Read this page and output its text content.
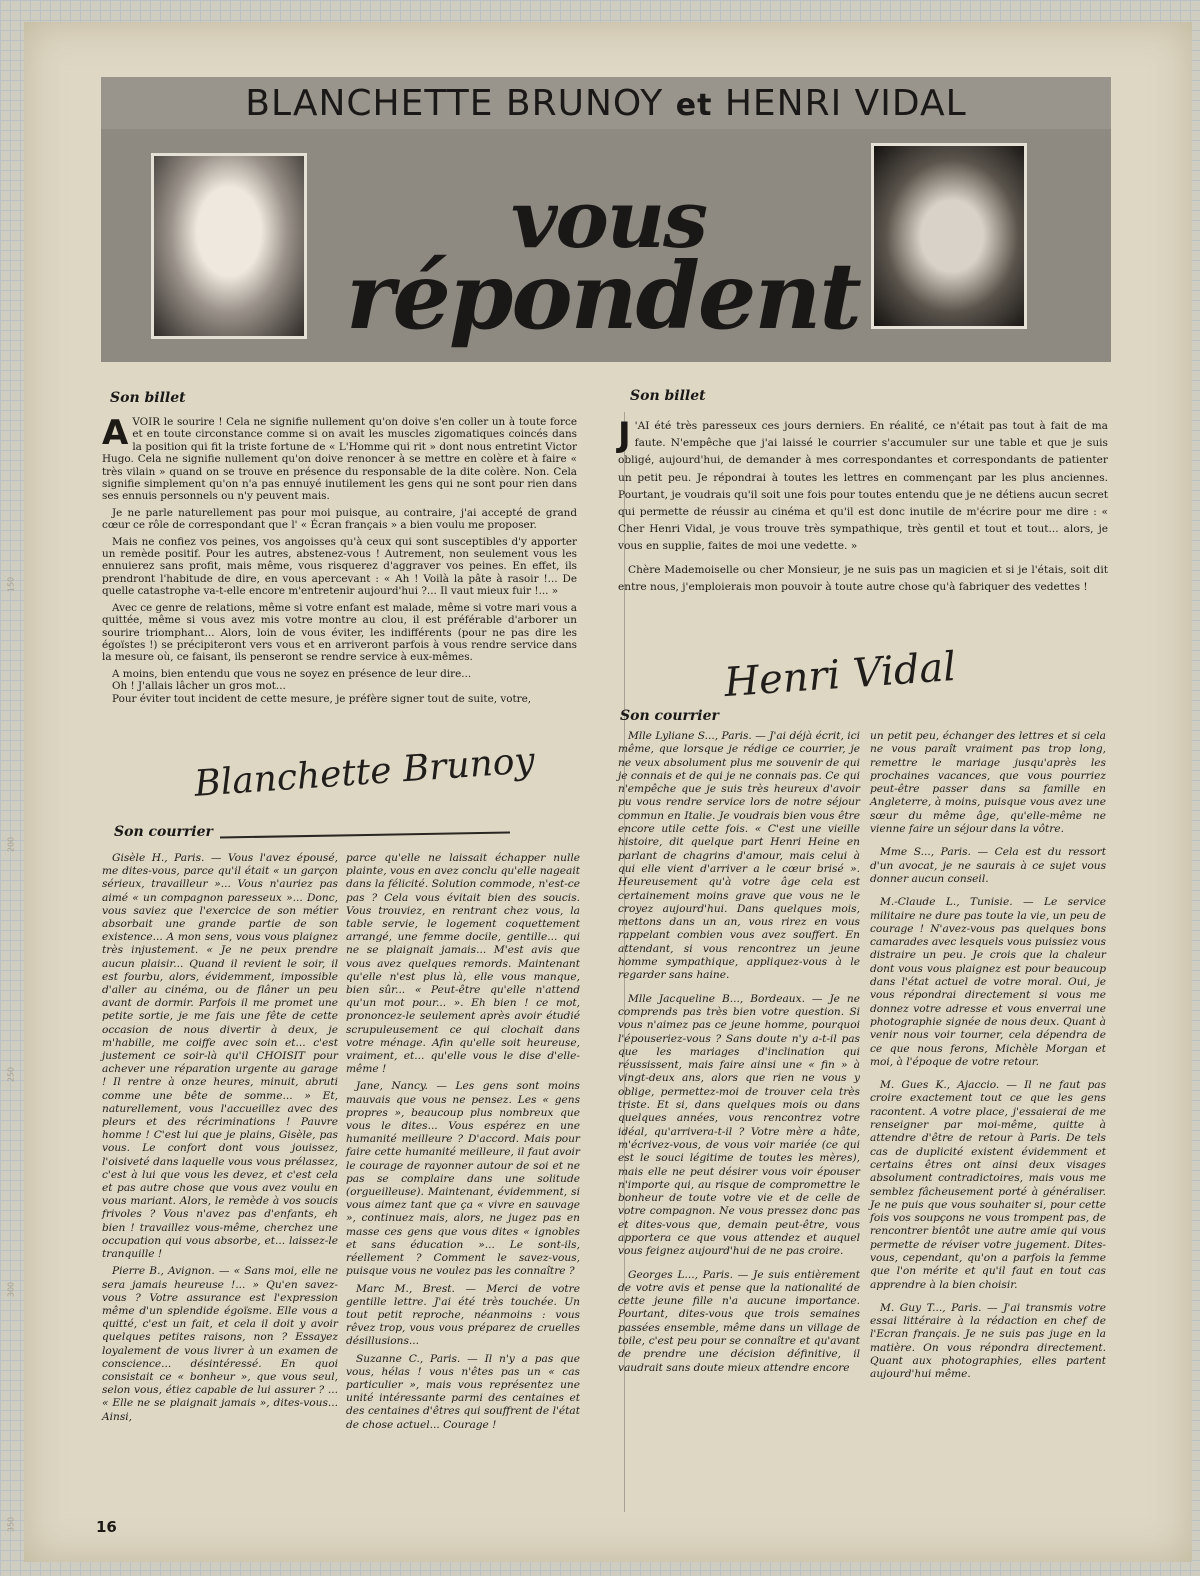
150
200
250
300
350
BLANCHETTE BRUNOY et HENRI VIDAL
vous
répondent
Son billet

AVOIR le sourire ! Cela ne signifie nullement qu'on doive s'en coller un à toute force et en toute circonstance comme si on avait les muscles zigomatiques coincés dans la position qui fit la triste fortune de « L'Homme qui rit » dont nous entretint Victor Hugo. Cela ne signifie nullement qu'on doive renoncer à se mettre en colère et à faire « très vilain » quand on se trouve en présence du responsable de la dite colère. Non. Cela signifie simplement qu'on n'a pas ennuyé inutilement les gens qui ne sont pour rien dans ses ennuis personnels ou n'y peuvent mais.

Je ne parle naturellement pas pour moi puisque, au contraire, j'ai accepté de grand cœur ce rôle de correspondant que l' « Écran français » a bien voulu me proposer.

Mais ne confiez vos peines, vos angoisses qu'à ceux qui sont susceptibles d'y apporter un remède positif. Pour les autres, abstenez-vous ! Autrement, non seulement vous les ennuierez sans profit, mais même, vous risquerez d'aggraver vos peines. En effet, ils prendront l'habitude de dire, en vous apercevant : « Ah ! Voilà la pâte à rasoir !... De quelle catastrophe va-t-elle encore m'entretenir aujourd'hui ?... Il vaut mieux fuir !... »

Avec ce genre de relations, même si votre enfant est malade, même si votre mari vous a quittée, même si vous avez mis votre montre au clou, il est préférable d'arborer un sourire triomphant... Alors, loin de vous éviter, les indifférents (pour ne pas dire les égoïstes !) se précipiteront vers vous et en arriveront parfois à vous rendre service dans la mesure où, ce faisant, ils penseront se rendre service à eux-mêmes.

A moins, bien entendu que vous ne soyez en présence de leur dire...

Oh ! J'allais lâcher un gros mot...

Pour éviter tout incident de cette mesure, je préfère signer tout de suite, votre,

Blanchette Brunoy
Son courrier

Gisèle H., Paris. — Vous l'avez épousé, me dites-vous, parce qu'il était « un garçon sérieux, travailleur »... Vous n'auriez pas aimé « un compagnon paresseux »... Donc, vous saviez que l'exercice de son métier absorbait une grande partie de son existence... A mon sens, vous vous plaignez très injustement. « Je ne peux prendre aucun plaisir... Quand il revient le soir, il est fourbu, alors, évidemment, impossible d'aller au cinéma, ou de flâner un peu avant de dormir. Parfois il me promet une petite sortie, je me fais une fête de cette occasion de nous divertir à deux, je m'habille, me coiffe avec soin et... c'est justement ce soir-là qu'il CHOISIT pour achever une réparation urgente au garage ! Il rentre à onze heures, minuit, abruti comme une bête de somme... » Et, naturellement, vous l'accueillez avec des pleurs et des récriminations ! Pauvre homme ! C'est lui que je plains, Gisèle, pas vous. Le confort dont vous jouissez, l'oisiveté dans laquelle vous vous prélassez, c'est à lui que vous les devez, et c'est cela et pas autre chose que vous avez voulu en vous mariant. Alors, le remède à vos soucis frivoles ? Vous n'avez pas d'enfants, eh bien ! travaillez vous-même, cherchez une occupation qui vous absorbe, et... laissez-le tranquille !

Pierre B., Avignon. — « Sans moi, elle ne sera jamais heureuse !... » Qu'en savez-vous ? Votre assurance est l'expression même d'un splendide égoïsme. Elle vous a quitté, c'est un fait, et cela il doit y avoir quelques petites raisons, non ? Essayez loyalement de vous livrer à un examen de conscience... désintéressé. En quoi consistait ce « bonheur », que vous seul, selon vous, étiez capable de lui assurer ? ... « Elle ne se plaignait jamais », dites-vous... Ainsi,

parce qu'elle ne laissait échapper nulle plainte, vous en avez conclu qu'elle nageait dans la félicité. Solution commode, n'est-ce pas ? Cela vous évitait bien des soucis. Vous trouviez, en rentrant chez vous, la table servie, le logement coquettement arrangé, une femme docile, gentille... qui ne se plaignait jamais... M'est avis que vous avez quelques remords. Maintenant qu'elle n'est plus là, elle vous manque, bien sûr... « Peut-être qu'elle n'attend qu'un mot pour... ». Eh bien ! ce mot, prononcez-le seulement après avoir étudié scrupuleusement ce qui clochait dans votre ménage. Afin qu'elle soit heureuse, vraiment, et... qu'elle vous le dise d'elle-même !

Jane, Nancy. — Les gens sont moins mauvais que vous ne pensez. Les « gens propres », beaucoup plus nombreux que vous le dites... Vous espérez en une humanité meilleure ? D'accord. Mais pour faire cette humanité meilleure, il faut avoir le courage de rayonner autour de soi et ne pas se complaire dans une solitude (orgueilleuse). Maintenant, évidemment, si vous aimez tant que ça « vivre en sauvage », continuez mais, alors, ne jugez pas en masse ces gens que vous dites « ignobles et sans éducation »... Le sont-ils, réellement ? Comment le savez-vous, puisque vous ne voulez pas les connaître ?

Marc M., Brest. — Merci de votre gentille lettre. J'ai été très touchée. Un tout petit reproche, néanmoins : vous rêvez trop, vous vous préparez de cruelles désillusions...

Suzanne C., Paris. — Il n'y a pas que vous, hélas ! vous n'êtes pas un « cas particulier », mais vous représentez une unité intéressante parmi des centaines et des centaines d'êtres qui souffrent de l'état de chose actuel... Courage !

Son billet

J 'AI été très paresseux ces jours derniers. En réalité, ce n'était pas tout à fait de ma faute. N'empêche que j'ai laissé le courrier s'accumuler sur une table et que je suis obligé, aujourd'hui, de demander à mes correspondantes et correspondants de patienter un petit peu. Je répondrai à toutes les lettres en commençant par les plus anciennes. Pourtant, je voudrais qu'il soit une fois pour toutes entendu que je ne détiens aucun secret qui permette de réussir au cinéma et qu'il est donc inutile de m'écrire pour me dire : « Cher Henri Vidal, je vous trouve très sympathique, très gentil et tout et tout... alors, je vous en supplie, faites de moi une vedette. »

Chère Mademoiselle ou cher Monsieur, je ne suis pas un magicien et si je l'étais, soit dit entre nous, j'emploierais mon pouvoir à toute autre chose qu'à fabriquer des vedettes !

Henri Vidal
Son courrier

Mlle Lyliane S..., Paris. — J'ai déjà écrit, ici même, que lorsque je rédige ce courrier, je ne veux absolument plus me souvenir de qui je connais et de qui je ne connais pas. Ce qui n'empêche que je suis très heureux d'avoir pu vous rendre service lors de notre séjour commun en Italie. Je voudrais bien vous être encore utile cette fois. « C'est une vieille histoire, dit quelque part Henri Heine en parlant de chagrins d'amour, mais celui à qui elle vient d'arriver a le cœur brisé ». Heureusement qu'à votre âge cela est certainement moins grave que vous ne le croyez aujourd'hui. Dans quelques mois, mettons dans un an, vous rirez en vous rappelant combien vous avez souffert. En attendant, si vous rencontrez un jeune homme sympathique, appliquez-vous à le regarder sans haine.

Mlle Jacqueline B..., Bordeaux. — Je ne comprends pas très bien votre question. Si vous n'aimez pas ce jeune homme, pourquoi l'épouseriez-vous ? Sans doute n'y a-t-il pas que les mariages d'inclination qui réussissent, mais faire ainsi une « fin » à vingt-deux ans, alors que rien ne vous y oblige, permettez-moi de trouver cela très triste. Et si, dans quelques mois ou dans quelques années, vous rencontrez votre idéal, qu'arrivera-t-il ? Votre mère a hâte, m'écrivez-vous, de vous voir mariée (ce qui est le souci légitime de toutes les mères), mais elle ne peut désirer vous voir épouser n'importe qui, au risque de compromettre le bonheur de toute votre vie et de celle de votre compagnon. Ne vous pressez donc pas et dites-vous que, demain peut-être, vous apportera ce que vous attendez et auquel vous feignez aujourd'hui de ne pas croire.

Georges L..., Paris. — Je suis entièrement de votre avis et pense que la nationalité de cette jeune fille n'a aucune importance. Pourtant, dites-vous que trois semaines passées ensemble, même dans un village de toile, c'est peu pour se connaître et qu'avant de prendre une décision définitive, il vaudrait sans doute mieux attendre encore

un petit peu, échanger des lettres et si cela ne vous paraît vraiment pas trop long, remettre le mariage jusqu'après les prochaines vacances, que vous pourriez peut-être passer dans sa famille en Angleterre, à moins, puisque vous avez une sœur du même âge, qu'elle-même ne vienne faire un séjour dans la vôtre.

Mme S..., Paris. — Cela est du ressort d'un avocat, je ne saurais à ce sujet vous donner aucun conseil.

M.-Claude L., Tunisie. — Le service militaire ne dure pas toute la vie, un peu de courage ! N'avez-vous pas quelques bons camarades avec lesquels vous puissiez vous distraire un peu. Je crois que la chaleur dont vous vous plaignez est pour beaucoup dans l'état actuel de votre moral. Oui, je vous répondrai directement si vous me donnez votre adresse et vous enverrai une photographie signée de nous deux. Quant à venir nous voir tourner, cela dépendra de ce que nous ferons, Michèle Morgan et moi, à l'époque de votre retour.

M. Gues K., Ajaccio. — Il ne faut pas croire exactement tout ce que les gens racontent. A votre place, j'essaierai de me renseigner par moi-même, quitte à attendre d'être de retour à Paris. De tels cas de duplicité existent évidemment et certains êtres ont ainsi deux visages absolument contradictoires, mais vous me semblez fâcheusement porté à généraliser. Je ne puis que vous souhaiter si, pour cette fois vos soupçons ne vous trompent pas, de rencontrer bientôt une autre amie qui vous permette de réviser votre jugement. Dites-vous, cependant, qu'on a parfois la femme que l'on mérite et qu'il faut en tout cas apprendre à la bien choisir.

M. Guy T..., Paris. — J'ai transmis votre essai littéraire à la rédaction en chef de l'Ecran français. Je ne suis pas juge en la matière. On vous répondra directement. Quant aux photographies, elles partent aujourd'hui même.

16
